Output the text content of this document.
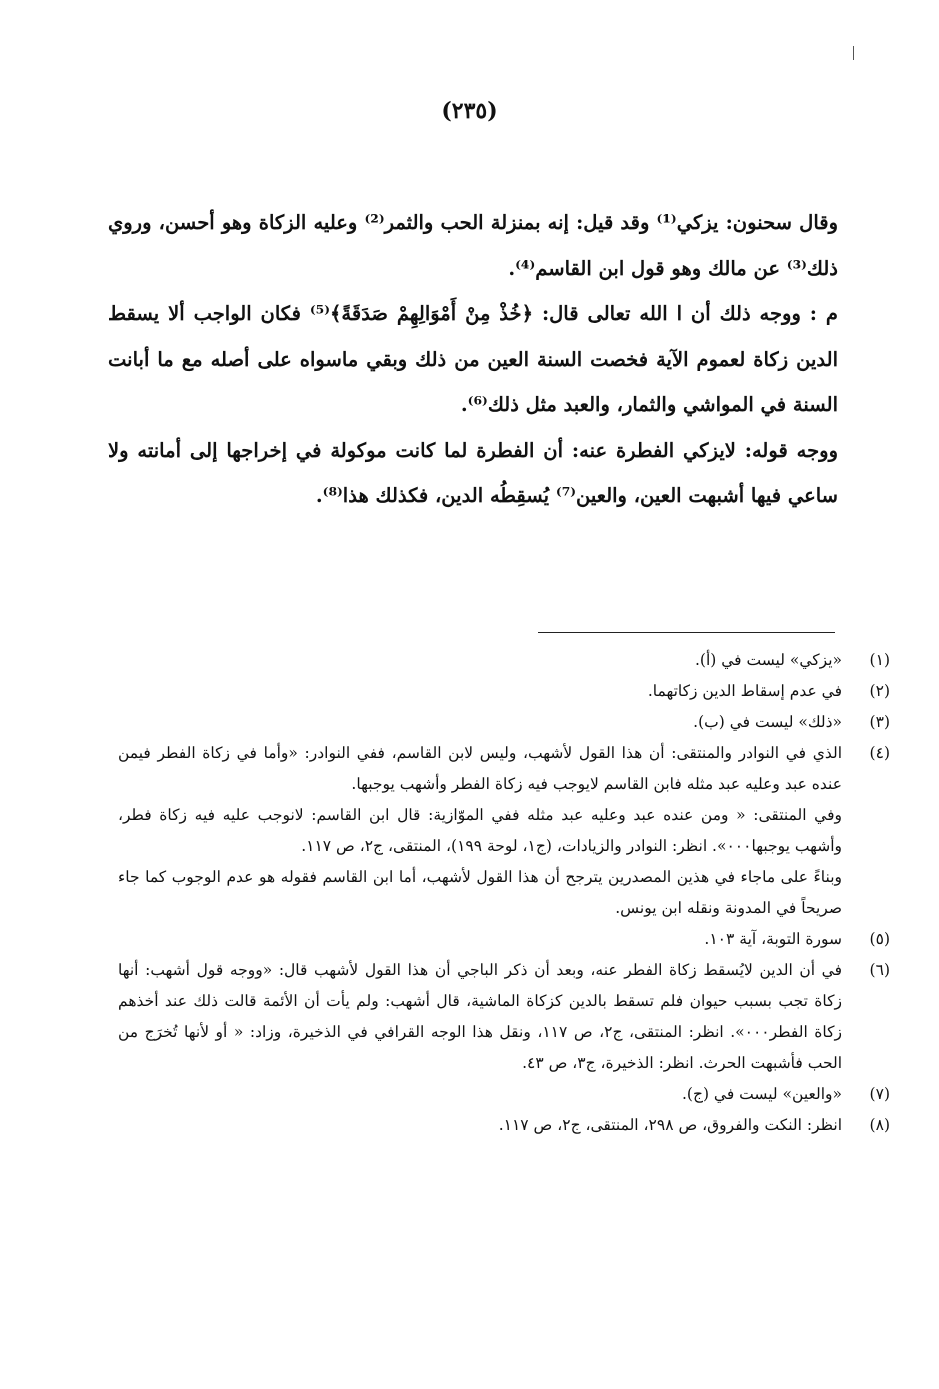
(٢٣٥)

وقال سحنون: يزكي⁽¹⁾ وقد قيل: إنه بمنزلة الحب والثمر⁽²⁾ وعليه الزكاة وهو أحسن، وروي ذلك⁽³⁾ عن مالك وهو قول ابن القاسم⁽⁴⁾.

م : ووجه ذلك أن ا الله تعالى قال: ﴿خُذْ مِنْ أَمْوَالِهِمْ صَدَقَةً﴾⁽⁵⁾ فكان الواجب ألا يسقط الدين زكاة لعموم الآية فخصت السنة العين من ذلك وبقي ماسواه على أصله مع ما أبانت السنة في المواشي والثمار، والعبد مثل ذلك⁽⁶⁾.

ووجه قوله: لايزكي الفطرة عنه: أن الفطرة لما كانت موكولة في إخراجها إلى أمانته ولا ساعي فيها أشبهت العين، والعين⁽⁷⁾ يُسقِطُه الدين، فكذلك هذا⁽⁸⁾.

(١)

«يزكي» ليست في (أ).

(٢)

في عدم إسقاط الدين زكاتهما.

(٣)

«ذلك» ليست في (ب).

(٤)

الذي في النوادر والمنتقى: أن هذا القول لأشهب، وليس لابن القاسم، ففي النوادر: «وأما في زكاة الفطر فيمن عنده عبد وعليه عبد مثله فابن القاسم لايوجب فيه زكاة الفطر وأشهب يوجبها.

وفي المنتقى: « ومن عنده عبد وعليه عبد مثله ففي الموّازية: قال ابن القاسم: لانوجب عليه فيه زكاة فطر، وأشهب يوجبها٠٠٠». انظر: النوادر والزيادات، (ج١، لوحة ١٩٩)، المنتقى، ج٢، ص ١١٧.

وبناءً على ماجاء في هذين المصدرين يترجح أن هذا القول لأشهب، أما ابن القاسم فقوله هو عدم الوجوب كما جاء صريحاً في المدونة ونقله ابن يونس.

(٥)

سورة التوبة، آية ١٠٣.

(٦)

في أن الدين لايُسقط زكاة الفطر عنه، وبعد أن ذكر الباجي أن هذا القول لأشهب قال: «ووجه قول أشهب: أنها زكاة تجب بسبب حيوان فلم تسقط بالدين كزكاة الماشية، قال أشهب: ولم يأت أن الأئمة قالت ذلك عند أخذهم زكاة الفطر٠٠٠». انظر: المنتقى، ج٢، ص ١١٧، ونقل هذا الوجه القرافي في الذخيرة، وزاد: « أو لأنها تُخرَج من الحب فأشبهت الحرث. انظر: الذخيرة، ج٣، ص ٤٣.

(٧)

«والعين» ليست في (ج).

(٨)

انظر: النكت والفروق، ص ٢٩٨، المنتقى، ج٢، ص ١١٧.
